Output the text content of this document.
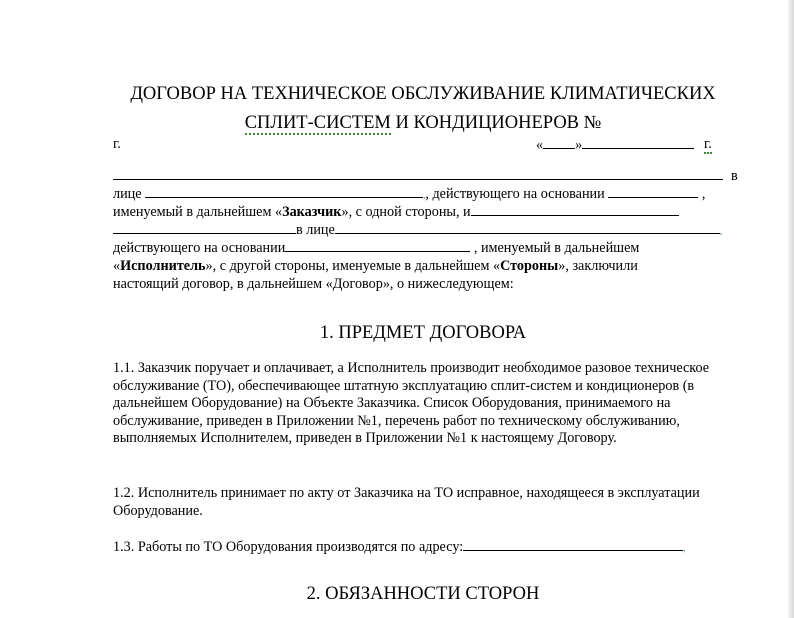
ДОГОВОР НА ТЕХНИЧЕСКОЕ ОБСЛУЖИВАНИЕ КЛИМАТИЧЕСКИХ
СПЛИТ-СИСТЕМ И КОНДИЦИОНЕРОВ №
г.	« »	г.
в
лице	,, действующего на основании	,
именуемый в дальнейшем «Заказчик», с одной стороны, и
в лице	,
действующего на основании	, именуемый в дальнейшем
«Исполнитель», с другой стороны, именуемые в дальнейшем «Стороны», заключили
настоящий договор, в дальнейшем «Договор», о нижеследующем:
1. ПРЕДМЕТ ДОГОВОРА
1.1. Заказчик поручает и оплачивает, а Исполнитель производит необходимое разовое техническое обслуживание (ТО), обеспечивающее штатную эксплуатацию сплит-систем и кондиционеров (в дальнейшем Оборудование) на Объекте Заказчика. Список Оборудования, принимаемого на обслуживание, приведен в Приложении №1, перечень работ по техническому обслуживанию, выполняемых Исполнителем, приведен в Приложении №1 к настоящему Договору.
1.2. Исполнитель принимает по акту от Заказчика на ТО исправное, находящееся в эксплуатации Оборудование.
1.3. Работы по ТО Оборудования производятся по адресу:	,
2. ОБЯЗАННОСТИ СТОРОН
